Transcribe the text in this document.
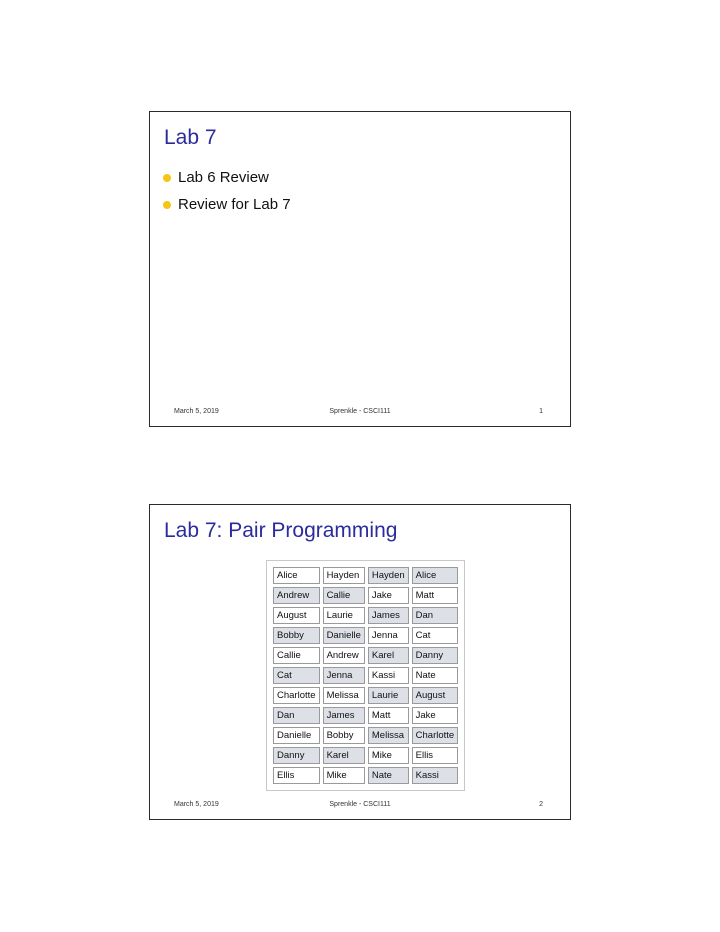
Lab 7
Lab 6 Review
Review for Lab 7
March 5, 2019	Sprenkle - CSCI111	1
Lab 7: Pair Programming
Alice	Hayden	Hayden	Alice
Andrew	Callie	Jake	Matt
August	Laurie	James	Dan
Bobby	Danielle	Jenna	Cat
Callie	Andrew	Karel	Danny
Cat	Jenna	Kassi	Nate
Charlotte	Melissa	Laurie	August
Dan	James	Matt	Jake
Danielle	Bobby	Melissa	Charlotte
Danny	Karel	Mike	Ellis
Ellis	Mike	Nate	Kassi
March 5, 2019	Sprenkle - CSCI111	2
